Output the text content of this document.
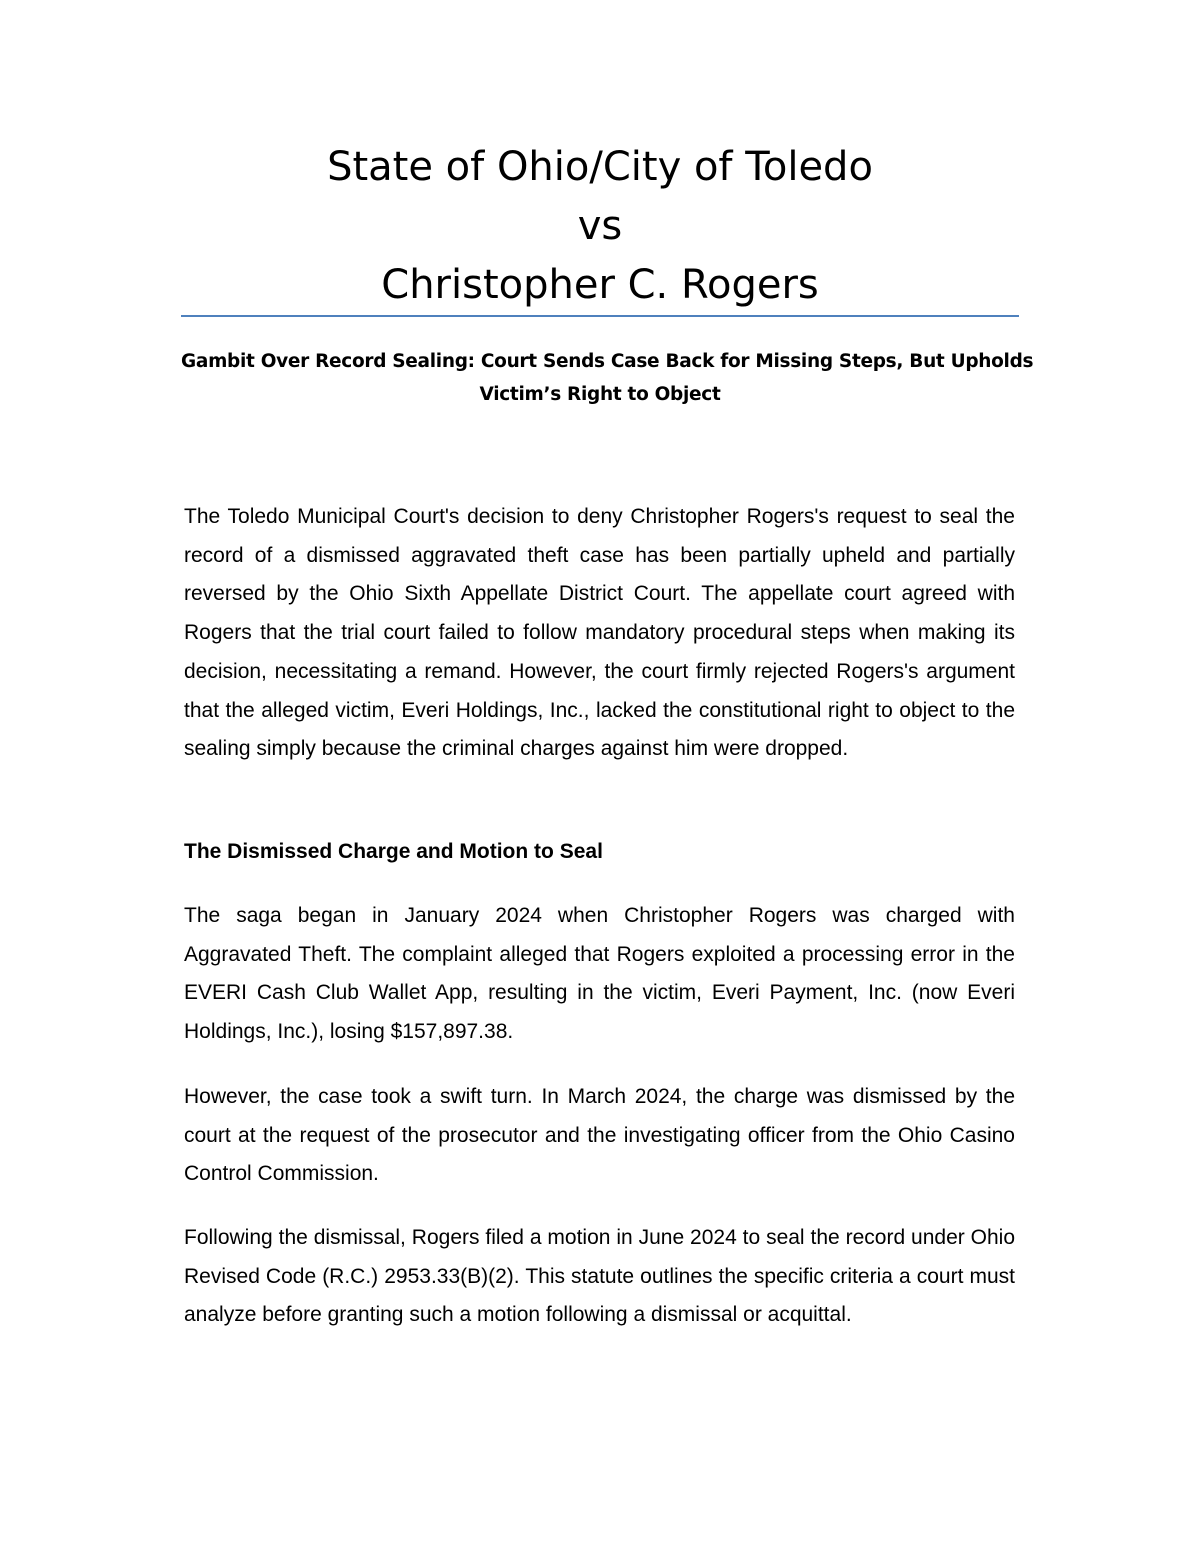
State of Ohio/City of Toledo
vs
Christopher C. Rogers
Gambit Over Record Sealing: Court Sends Case Back for Missing Steps, But Upholds
Victim’s Right to Object

The Toledo Municipal Court's decision to deny Christopher Rogers's request to seal the record of a dismissed aggravated theft case has been partially upheld and partially reversed by the Ohio Sixth Appellate District Court. The appellate court agreed with Rogers that the trial court failed to follow mandatory procedural steps when making its decision, necessitating a remand. However, the court firmly rejected Rogers's argument that the alleged victim, Everi Holdings, Inc., lacked the constitutional right to object to the sealing simply because the criminal charges against him were dropped.

The Dismissed Charge and Motion to Seal

The saga began in January 2024 when Christopher Rogers was charged with Aggravated Theft. The complaint alleged that Rogers exploited a processing error in the EVERI Cash Club Wallet App, resulting in the victim, Everi Payment, Inc. (now Everi Holdings, Inc.), losing $157,897.38.

However, the case took a swift turn. In March 2024, the charge was dismissed by the court at the request of the prosecutor and the investigating officer from the Ohio Casino Control Commission.

Following the dismissal, Rogers filed a motion in June 2024 to seal the record under Ohio Revised Code (R.C.) 2953.33(B)(2). This statute outlines the specific criteria a court must analyze before granting such a motion following a dismissal or acquittal.
